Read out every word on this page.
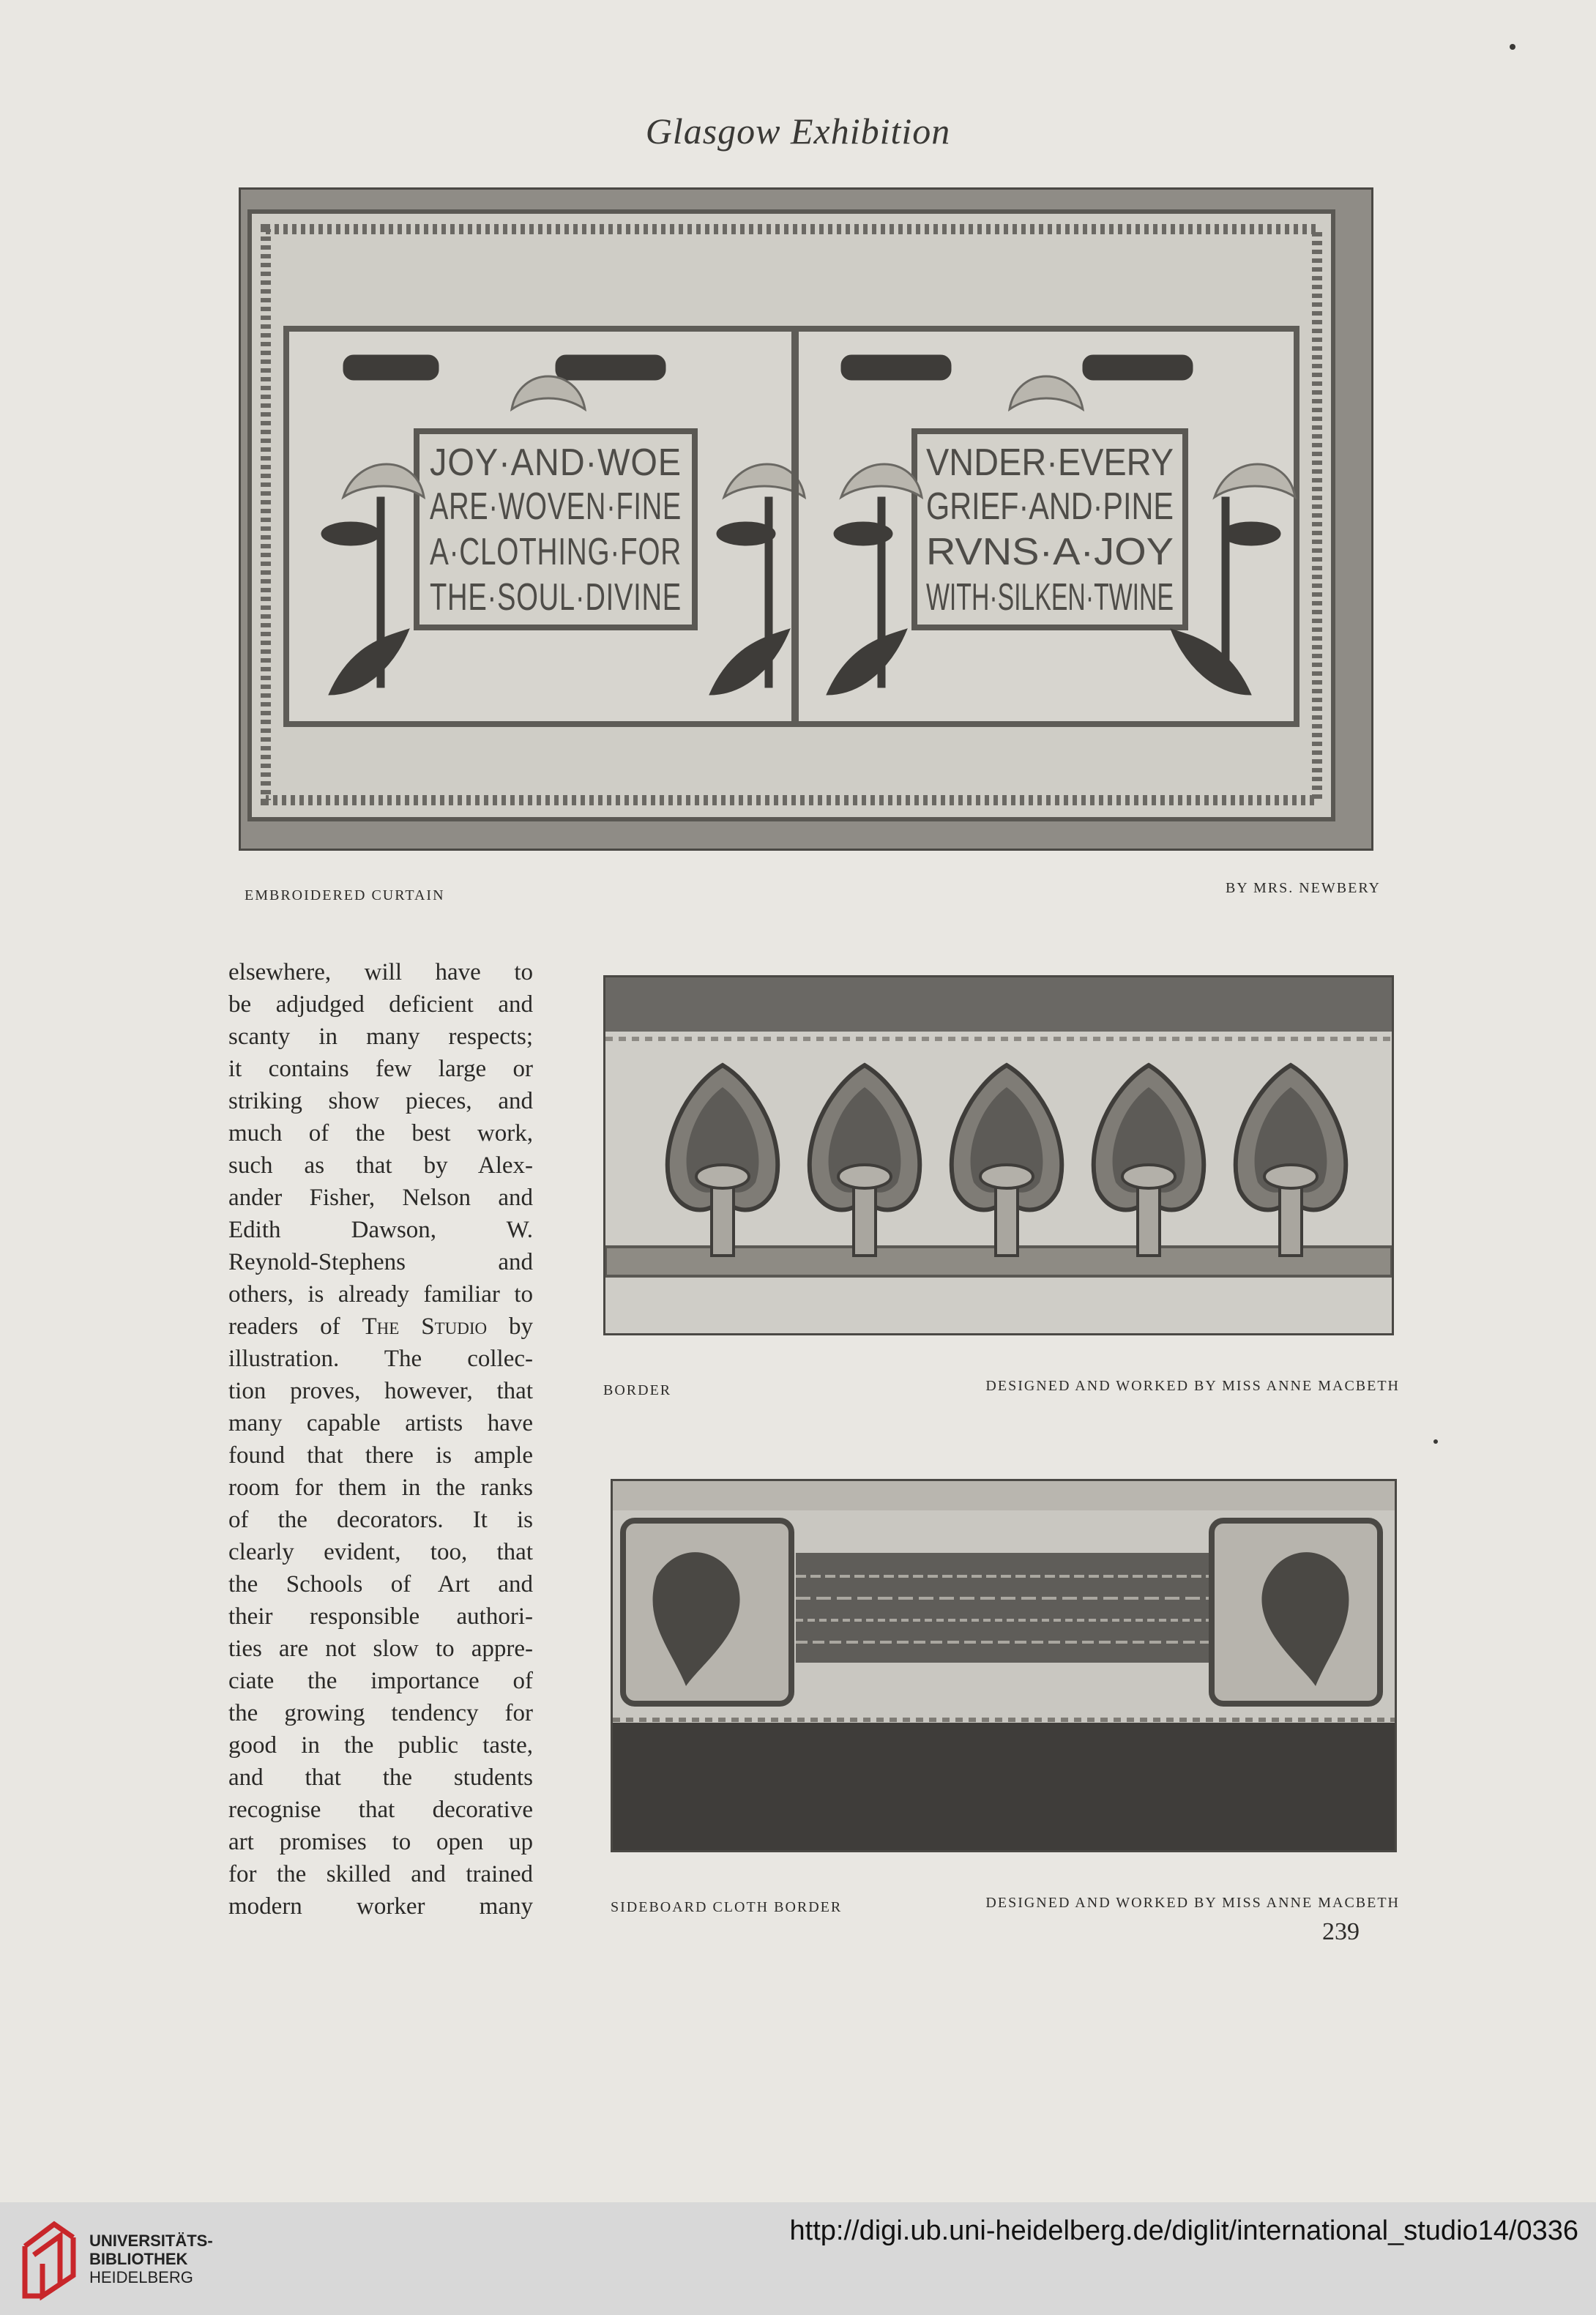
Glasgow Exhibition
JOY·AND·WOE
ARE·WOVEN·FINE
A·CLOTHING·FOR
THE·SOUL·DIVINE
VNDER·EVERY
GRIEF·AND·PINE
RVNS·A·JOY
WITH·SILKEN·TWINE
EMBROIDERED CURTAIN	BY MRS. NEWBERY
elsewhere, will have to
be adjudged deficient and
scanty in many respects;
it contains few large or
striking show pieces, and
much of the best work,
such as that by Alex-
ander Fisher, Nelson and
Edith Dawson, W.
Reynold-Stephens and
others, is already familiar to
readers of The Studio by
illustration. The collec-
tion proves, however, that
many capable artists have
found that there is ample
room for them in the ranks
of the decorators. It is
clearly evident, too, that
the Schools of Art and
their responsible authori-
ties are not slow to appre-
ciate the importance of
the growing tendency for
good in the public taste,
and that the students
recognise that decorative
art promises to open up
for the skilled and trained
modern worker many
BORDER	DESIGNED AND WORKED BY MISS ANNE MACBETH
SIDEBOARD CLOTH BORDER	DESIGNED AND WORKED BY MISS ANNE MACBETH
239
UNIVERSITÄTS-
BIBLIOTHEK
HEIDELBERG
http://digi.ub.uni-heidelberg.de/diglit/international_studio14/0336
